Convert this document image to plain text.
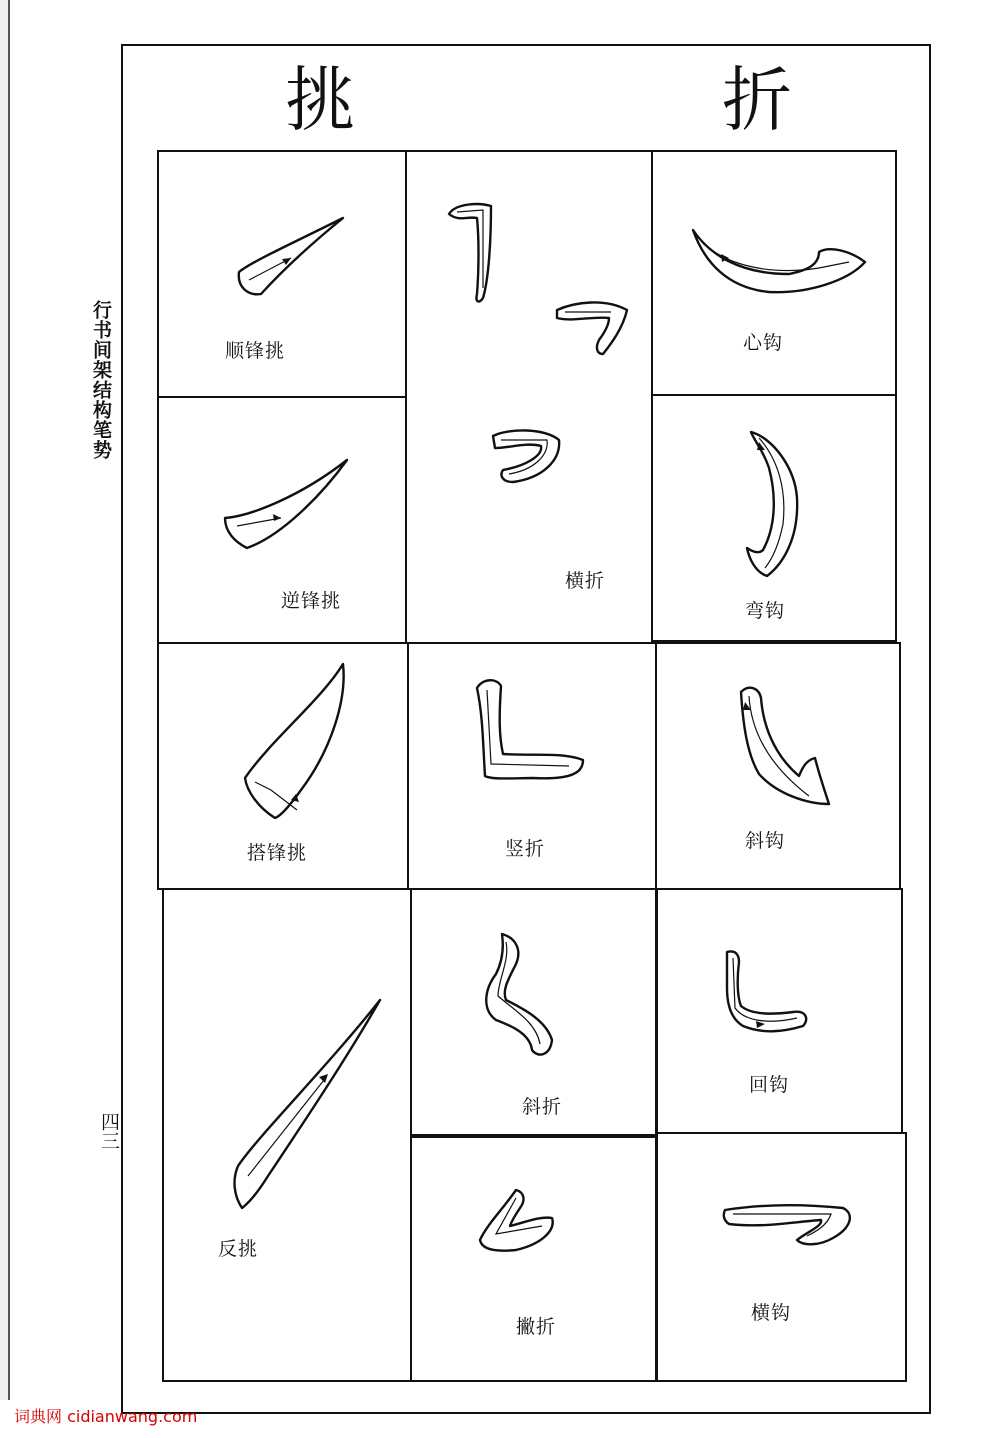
行书间架结构笔势
四三
挑	折
顺锋挑
逆锋挑
搭锋挑
反挑
横折
竖折
斜折
撇折
心钩
弯钩
斜钩
回钩
横钩
词典网 cidianwang.com
